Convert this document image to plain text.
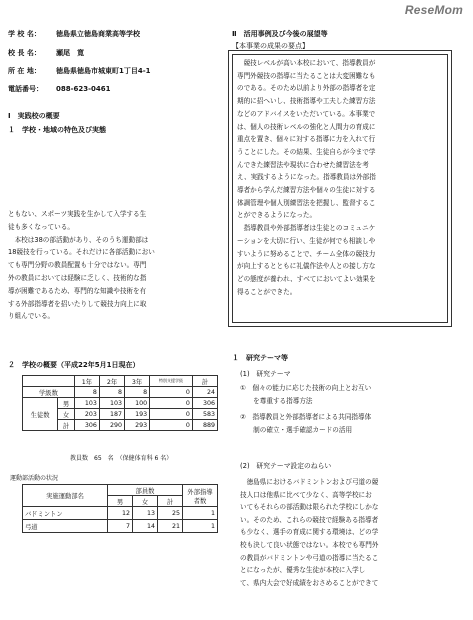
ReseMom
学 校 名： 徳島県立徳島商業高等学校
校 長 名： 瀬尾　寛
所 在 地： 徳島県徳島市城東町1丁目4-1
電話番号： 088-623-0461
Ⅰ　実践校の概要
１　学校・地域の特色及び実態

ともない、スポーツ実践を生かして入学する生

徒も多くなっている。

　本校は38の部活動があり、そのうち運動部は

18競技を行っている。それだけに各部活動におい

ても専門分野の教員配置も十分ではない。専門

外の教員においては経験に乏しく、技術的な指

導が困難であるため、専門的な知識や技術を有

する外部指導者を招いたりして競技力向上に取

り組んでいる。

２　学校の概要（平成22年5月1日現在）
		1年	2年	3年	特別支援学級	計
学級数		8	8	8	0	24
生徒数	男	103	103	100	0	306
	女	203	187	193	0	583
	計	306	290	293	0	889
教員数　65　名　（保健体育科 6 名）
運動部活動の状況
実施運動部名	部員数			外部指導者数
	男	女	計	
バドミントン	12	13	25	1
弓道	7	14	21	1
Ⅱ　活用事例及び今後の展望等
【本事業の成果の要点】

　競技レベルが高い本校において、指導教員が

専門外競技の指導に当たることは大変困難なも

のである。そのため以前より外部の指導者を定

期的に招へいし、技術指導や工夫した練習方法

などのアドバイスをいただいている。本事業で

は、個人の技術レベルの強化と人間力の育成に

重点を置き、個々に対する指導に力を入れて行

うことにした。その結果、生徒自らが今まで学

んできた練習法や現状に合わせた練習法を考

え、実践するようになった。指導教員は外部指

導者から学んだ練習方法や個々の生徒に対する

体調管理や個人別練習法を把握し、監督するこ

とができるようになった。

　指導教員や外部指導者は生徒とのコミュニケ

ーションを大切に行い、生徒が何でも相談しや

すいように努めることで、チーム全体の競技力

が向上するとともに礼儀作法や人との接し方な

どの態度が養われ、すべてにおいてよい効果を

得ることができた。

１　研究テーマ等
(1)　研究テーマ

①　個々の能力に応じた技術の向上とお互い

　　を尊重する指導方法

②　指導教員と外部指導者による共同指導体

　　制の確立・選手確認カードの活用

(2)　研究テーマ設定のねらい

　徳島県におけるバドミントンおよび弓道の競

技人口は他県に比べて少なく、高等学校にお

いてもそれらの部活動は限られた学校にしかな

い。そのため、これらの競技で経験ある指導者

も少なく、選手の育成に関する環境は、どの学

校も決して良い状態ではない。本校でも専門外

の教員がバドミントンや弓道の指導に当たるこ

とになったが、優秀な生徒が本校に入学し

て、県内大会で好成績をおさめることができて
